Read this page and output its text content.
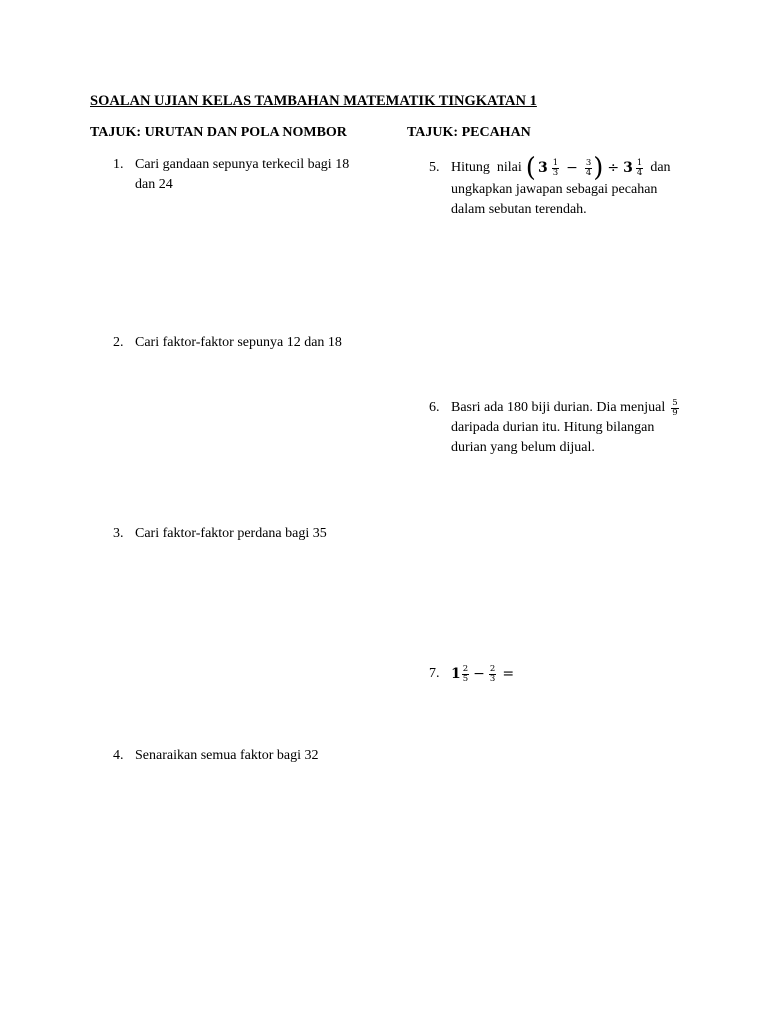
SOALAN UJIAN KELAS TAMBAHAN MATEMATIK TINGKATAN 1
TAJUK: URUTAN DAN POLA NOMBOR
1. Cari gandaan sepunya terkecil bagi 18
dan 24
2. Cari faktor-faktor sepunya 12 dan 18
3. Cari faktor-faktor perdana bagi 35
4. Senaraikan semua faktor bagi 32
TAJUK: PECAHAN
5. Hitung  nilai ( $3 \frac{1}{3} - \frac{3}{4}$ ) ÷ $3 \frac{1}{4}$ dan
ungkapkan jawapan sebagai pecahan
dalam sebutan terendah.
6. Basri ada 180 biji durian. Dia menjual $\frac{5}{9}$
daripada durian itu. Hitung bilangan
durian yang belum dijual.
7. $1 \frac{2}{5} - \frac{2}{3}$ =
